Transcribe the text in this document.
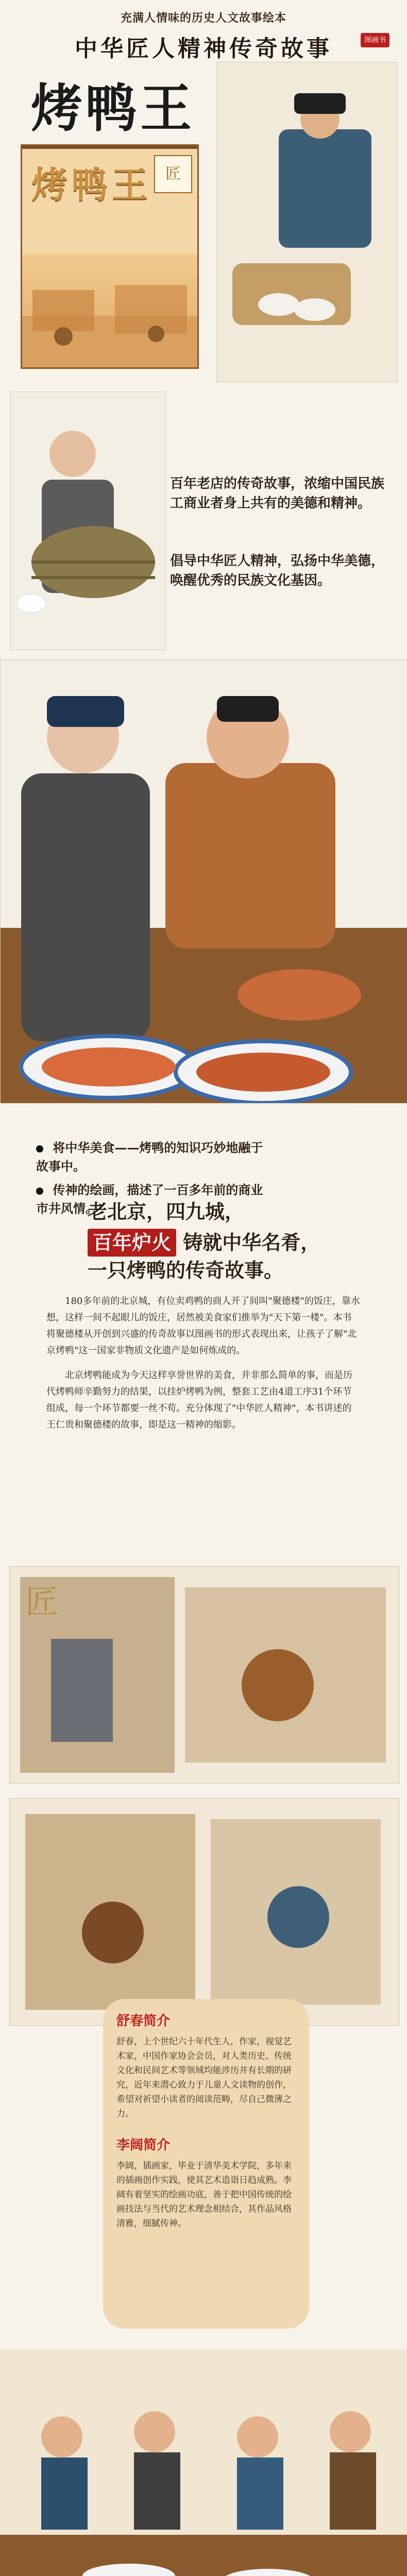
充满人情味的历史人文故事绘本
中华匠人精神传奇故事	图画书
烤鸭王
烤鸭王 匠
百年老店的传奇故事，浓缩中国民族工商业者身上共有的美德和精神。
倡导中华匠人精神，弘扬中华美德，唤醒优秀的民族文化基因。
将中华美食——烤鸭的知识巧妙地融于故事中。
传神的绘画，描述了一百多年前的商业市井风情。
老北京，四九城，
百年炉火 铸就中华名肴，
一只烤鸭的传奇故事。

180多年前的北京城，有位卖鸡鸭的商人开了间叫"聚德楼"的饭庄，靠水想，这样一间不起眼儿的饭庄，居然被美食家们推举为"天下第一楼"。本书将聚德楼从开创到兴盛的传奇故事以图画书的形式表现出来，让孩子了解"北京烤鸭"这一国家非物质文化遗产是如何炼成的。

北京烤鸭能成为今天这样享誉世界的美食，并非那么简单的事，而是历代烤鸭师辛勤努力的结果，以挂炉烤鸭为例，整套工艺由4道工序31个环节组成，每一个环节都要一丝不苟。充分体现了"中华匠人精神"，本书讲述的王仁贵和聚德楼的故事，即是这一精神的缩影。

匠
舒春简介
舒春，上个世纪六十年代生人，作家，视觉艺术家，中国作家协会会员，对人类历史、传统文化和民间艺术等领域均能涉历并有长期的研究，近年来潜心致力于儿童人文读物的创作，希望对祈望小读者的阅读范畴，尽自己微薄之力。
李阔简介
李阔，插画家，毕业于清华美术学院，多年来的插画创作实践，使其艺术造诣日趋成熟。李阔有着坚实的绘画功底，善于把中国传统的绘画技法与当代的艺术理念相结合，其作品风格清雅，细腻传神。
